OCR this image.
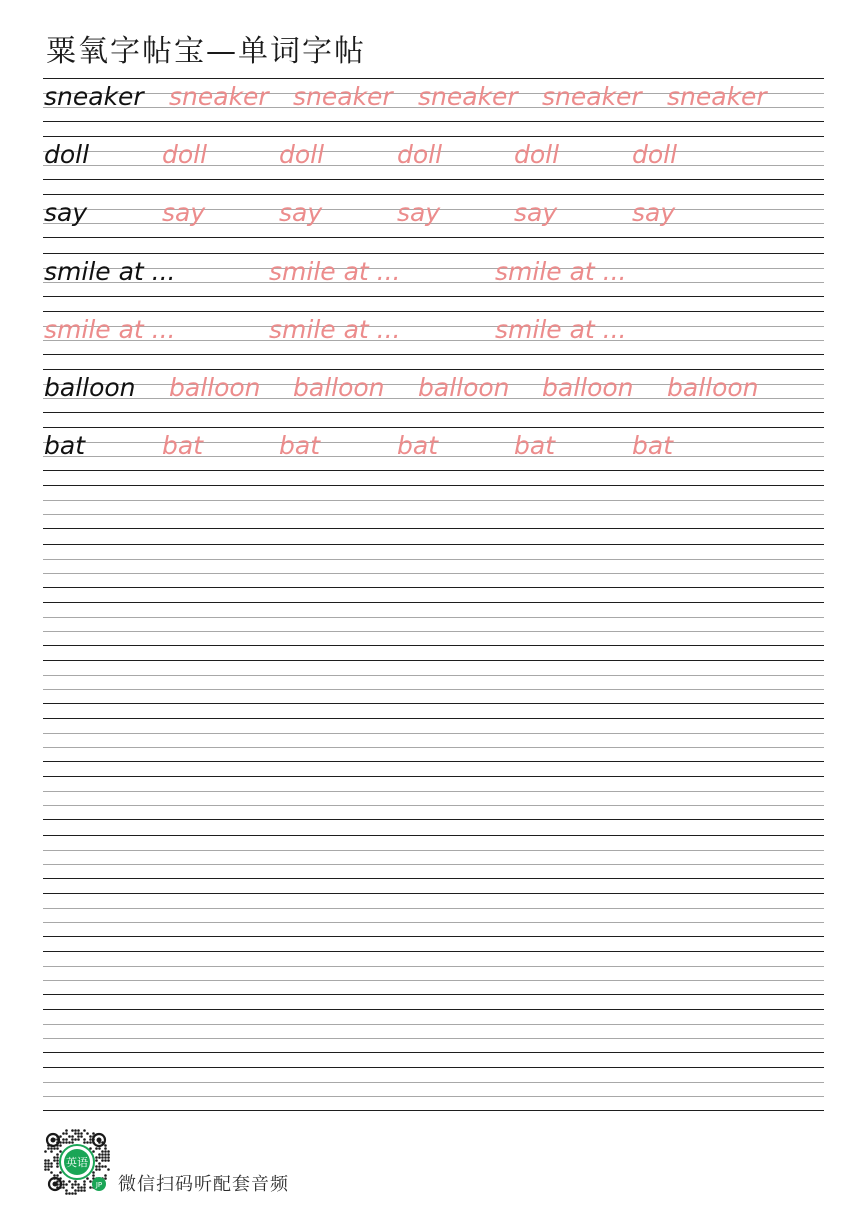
粟氧字帖宝—单词字帖
sneaker sneaker sneaker sneaker sneaker sneaker
doll	doll	doll	doll	doll	doll
say	say	say	say	say	say
smile at ...	smile at ...	smile at ...
smile at ...	smile at ...	smile at ...
balloon balloon balloon balloon balloon balloon
bat	bat	bat	bat	bat	bat
英语
JP 微信扫码听配套音频
